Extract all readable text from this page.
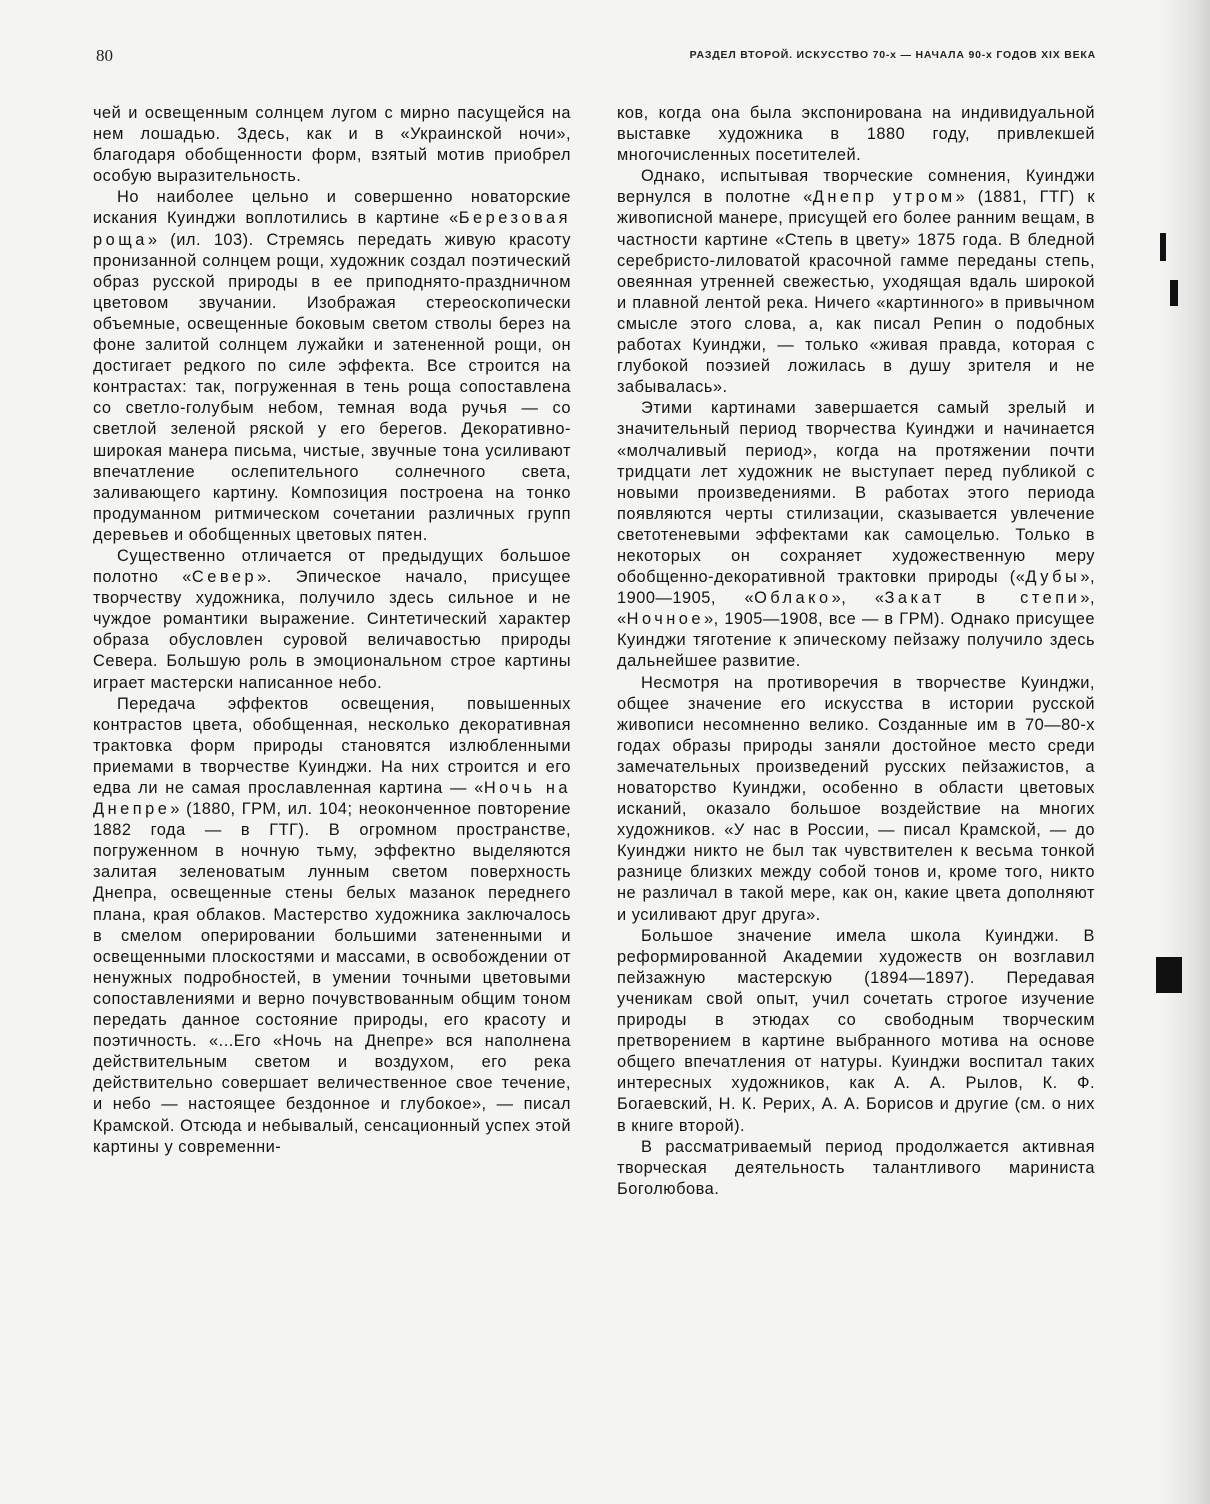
80	РАЗДЕЛ ВТОРОЙ. ИСКУССТВО 70-х — НАЧАЛА 90-х ГОДОВ XIX ВЕКА

чей и освещенным солнцем лугом с мирно пасущейся на нем лошадью. Здесь, как и в «Украинской ночи», благодаря обобщенности форм, взятый мотив приобрел особую выразительность.

Но наиболее цельно и совершенно новаторские искания Куинджи воплотились в картине «Березовая роща» (ил. 103). Стремясь передать живую красоту пронизанной солнцем рощи, художник создал поэтический образ русской природы в ее приподнято-праздничном цветовом звучании. Изображая стереоскопически объемные, освещенные боковым светом стволы берез на фоне залитой солнцем лужайки и затененной рощи, он достигает редкого по силе эффекта. Все строится на контрастах: так, погруженная в тень роща сопоставлена со светло-голубым небом, темная вода ручья — со светлой зеленой ряской у его берегов. Декоративно-широкая манера письма, чистые, звучные тона усиливают впечатление ослепительного солнечного света, заливающего картину. Композиция построена на тонко продуманном ритмическом сочетании различных групп деревьев и обобщенных цветовых пятен.

Существенно отличается от предыдущих большое полотно «Север». Эпическое начало, присущее творчеству художника, получило здесь сильное и не чуждое романтики выражение. Синтетический характер образа обусловлен суровой величавостью природы Севера. Большую роль в эмоциональном строе картины играет мастерски написанное небо.

Передача эффектов освещения, повышенных контрастов цвета, обобщенная, несколько декоративная трактовка форм природы становятся излюбленными приемами в творчестве Куинджи. На них строится и его едва ли не самая прославленная картина — «Ночь на Днепре» (1880, ГРМ, ил. 104; неоконченное повторение 1882 года — в ГТГ). В огромном пространстве, погруженном в ночную тьму, эффектно выделяются залитая зеленоватым лунным светом поверхность Днепра, освещенные стены белых мазанок переднего плана, края облаков. Мастерство художника заключалось в смелом оперировании большими затененными и освещенными плоскостями и массами, в освобождении от ненужных подробностей, в умении точными цветовыми сопоставлениями и верно почувствованным общим тоном передать данное состояние природы, его красоту и поэтичность. «...Его «Ночь на Днепре» вся наполнена действительным светом и воздухом, его река действительно совершает величественное свое течение, и небо — настоящее бездонное и глубокое», — писал Крамской. Отсюда и небывалый, сенсационный успех этой картины у современни-

ков, когда она была экспонирована на индивидуальной выставке художника в 1880 году, привлекшей многочисленных посетителей.

Однако, испытывая творческие сомнения, Куинджи вернулся в полотне «Днепр утром» (1881, ГТГ) к живописной манере, присущей его более ранним вещам, в частности картине «Степь в цвету» 1875 года. В бледной серебристо-лиловатой красочной гамме переданы степь, овеянная утренней свежестью, уходящая вдаль широкой и плавной лентой река. Ничего «картинного» в привычном смысле этого слова, а, как писал Репин о подобных работах Куинджи, — только «живая правда, которая с глубокой поэзией ложилась в душу зрителя и не забывалась».

Этими картинами завершается самый зрелый и значительный период творчества Куинджи и начинается «молчаливый период», когда на протяжении почти тридцати лет художник не выступает перед публикой с новыми произведениями. В работах этого периода появляются черты стилизации, сказывается увлечение светотеневыми эффектами как самоцелью. Только в некоторых он сохраняет художественную меру обобщенно-декоративной трактовки природы («Дубы», 1900—1905, «Облако», «Закат в степи», «Ночное», 1905—1908, все — в ГРМ). Однако присущее Куинджи тяготение к эпическому пейзажу получило здесь дальнейшее развитие.

Несмотря на противоречия в творчестве Куинджи, общее значение его искусства в истории русской живописи несомненно велико. Созданные им в 70—80-х годах образы природы заняли достойное место среди замечательных произведений русских пейзажистов, а новаторство Куинджи, особенно в области цветовых исканий, оказало большое воздействие на многих художников. «У нас в России, — писал Крамской, — до Куинджи никто не был так чувствителен к весьма тонкой разнице близких между собой тонов и, кроме того, никто не различал в такой мере, как он, какие цвета дополняют и усиливают друг друга».

Большое значение имела школа Куинджи. В реформированной Академии художеств он возглавил пейзажную мастерскую (1894—1897). Передавая ученикам свой опыт, учил сочетать строгое изучение природы в этюдах со свободным творческим претворением в картине выбранного мотива на основе общего впечатления от натуры. Куинджи воспитал таких интересных художников, как А. А. Рылов, К. Ф. Богаевский, Н. К. Рерих, А. А. Борисов и другие (см. о них в книге второй).

В рассматриваемый период продолжается активная творческая деятельность талантливого мариниста Боголюбова.
